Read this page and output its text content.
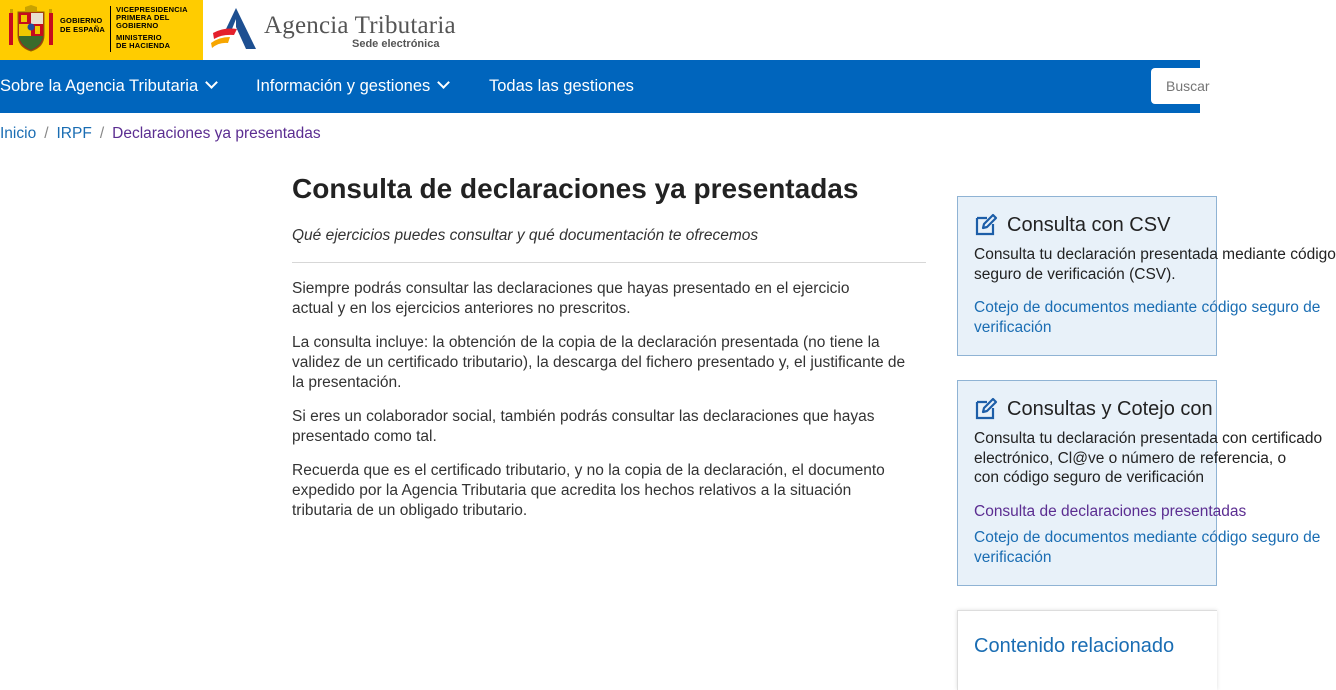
GOBIERNO
DE ESPAÑA
VICEPRESIDENCIA
PRIMERA DEL GOBIERNO
MINISTERIO
DE HACIENDA
Agencia Tributaria
Sede electrónica
Sobre la Agencia Tributaria	Información y gestiones	Todas las gestiones
Buscar
Inicio / IRPF / Declaraciones ya presentadas
Consulta de declaraciones ya presentadas

Qué ejercicios puedes consultar y qué documentación te ofrecemos

Siempre podrás consultar las declaraciones que hayas presentado en el ejercicio
actual y en los ejercicios anteriores no prescritos.

La consulta incluye: la obtención de la copia de la declaración presentada (no tiene la
validez de un certificado tributario), la descarga del fichero presentado y, el justificante de
la presentación.

Si eres un colaborador social, también podrás consultar las declaraciones que hayas
presentado como tal.

Recuerda que es el certificado tributario, y no la copia de la declaración, el documento
expedido por la Agencia Tributaria que acredita los hechos relativos a la situación
tributaria de un obligado tributario.

Consulta con CSV
Consulta tu declaración presentada mediante código
seguro de verificación (CSV).
Cotejo de documentos mediante código seguro de
verificación
Consultas y Cotejo con
Consulta tu declaración presentada con certificado
electrónico, Cl@ve o número de referencia, o
con código seguro de verificación
Consulta de declaraciones presentadas
Cotejo de documentos mediante código seguro de
verificación
Contenido relacionado
